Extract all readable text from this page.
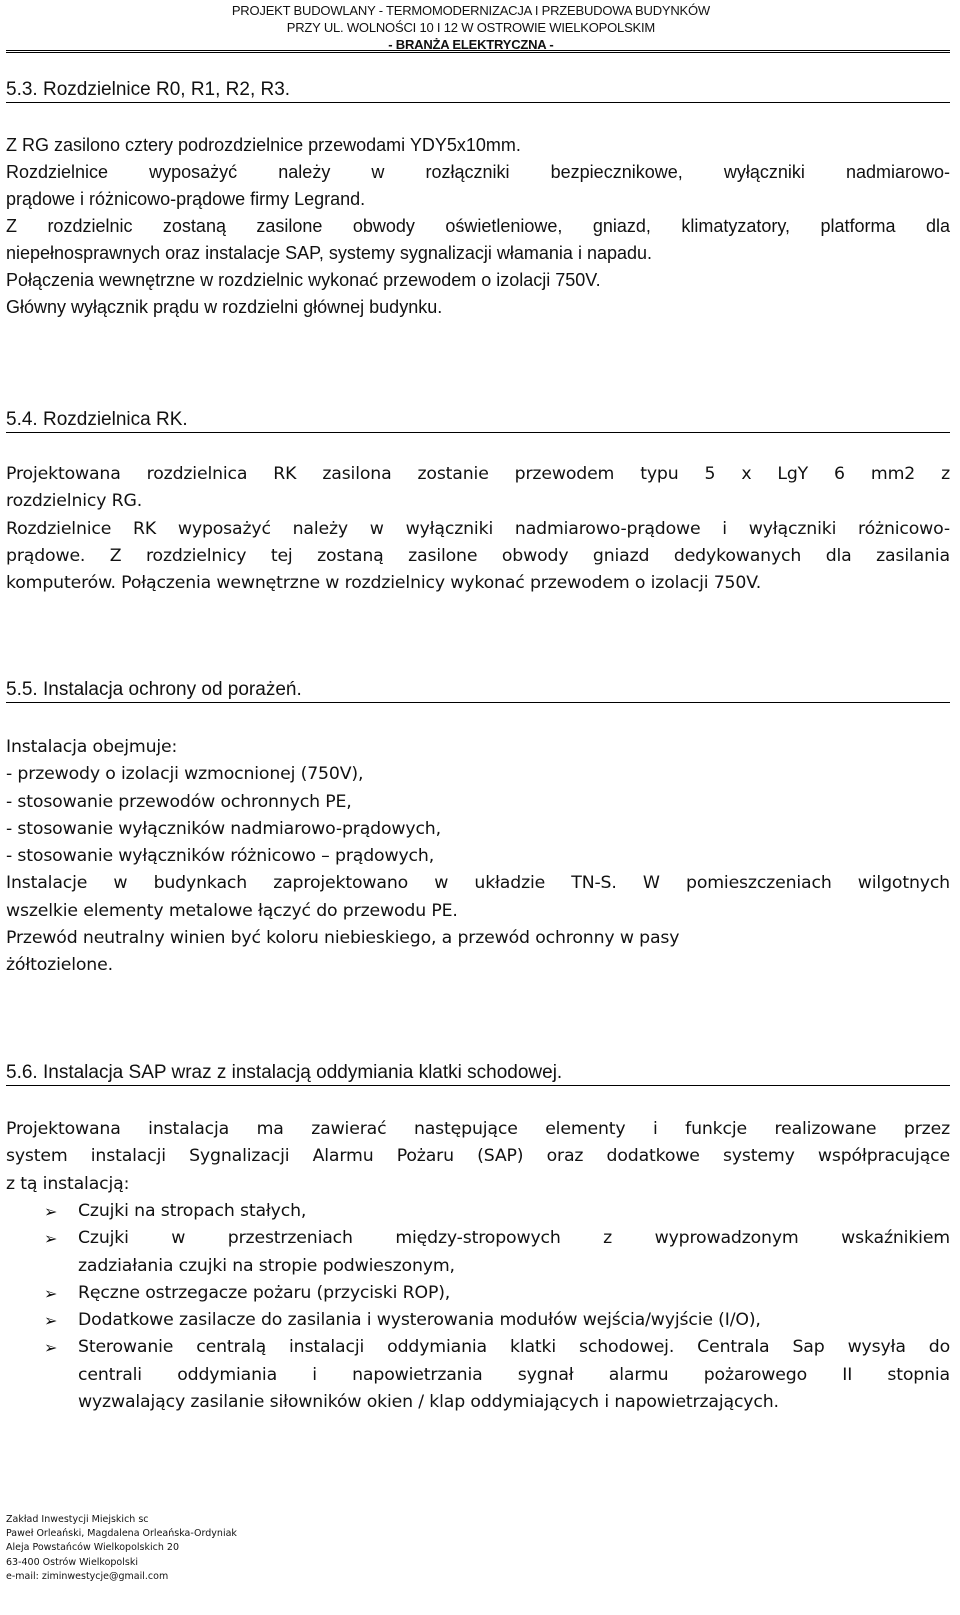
PROJEKT BUDOWLANY - TERMOMODERNIZACJA I PRZEBUDOWA BUDYNKÓW
PRZY UL. WOLNOŚCI 10 I 12 W OSTROWIE WIELKOPOLSKIM
- BRANŻA ELEKTRYCZNA -
5.3. Rozdzielnice R0, R1, R2, R3.
Z RG zasilono cztery podrozdzielnice przewodami YDY5x10mm.
Rozdzielnice wyposażyć należy w rozłączniki bezpiecznikowe, wyłączniki nadmiarowo-
prądowe i różnicowo-prądowe firmy Legrand.
Z rozdzielnic zostaną zasilone obwody oświetleniowe, gniazd, klimatyzatory, platforma dla
niepełnosprawnych oraz instalacje SAP, systemy sygnalizacji włamania i napadu.
Połączenia wewnętrzne w rozdzielnic wykonać przewodem o izolacji 750V.
Główny wyłącznik prądu w rozdzielni głównej budynku.
5.4. Rozdzielnica RK.
Projektowana rozdzielnica RK zasilona zostanie przewodem typu 5 x LgY 6 mm2 z
rozdzielnicy RG.
Rozdzielnice RK wyposażyć należy w wyłączniki nadmiarowo-prądowe i wyłączniki różnicowo-
prądowe. Z rozdzielnicy tej zostaną zasilone obwody gniazd dedykowanych dla zasilania
komputerów. Połączenia wewnętrzne w rozdzielnicy wykonać przewodem o izolacji 750V.
5.5. Instalacja ochrony od porażeń.
Instalacja obejmuje:
- przewody o izolacji wzmocnionej (750V),
- stosowanie przewodów ochronnych PE,
- stosowanie wyłączników nadmiarowo-prądowych,
- stosowanie wyłączników różnicowo – prądowych,
Instalacje w budynkach zaprojektowano w układzie TN-S. W pomieszczeniach wilgotnych
wszelkie elementy metalowe łączyć do przewodu PE.
Przewód neutralny winien być koloru niebieskiego, a przewód ochronny w pasy
żółtozielone.
5.6. Instalacja SAP wraz z instalacją oddymiania klatki schodowej.
Projektowana instalacja ma zawierać następujące elementy i funkcje realizowane przez
system instalacji Sygnalizacji Alarmu Pożaru (SAP) oraz dodatkowe systemy współpracujące
z tą instalacją:
➢ Czujki na stropach stałych,
➢ Czujki w przestrzeniach między-stropowych z wyprowadzonym wskaźnikiem
zadziałania czujki na stropie podwieszonym,
➢ Ręczne ostrzegacze pożaru (przyciski ROP),
➢ Dodatkowe zasilacze do zasilania i wysterowania modułów wejścia/wyjście (I/O),
➢ Sterowanie centralą instalacji oddymiania klatki schodowej. Centrala Sap wysyła do
centrali oddymiania i napowietrzania sygnał alarmu pożarowego II stopnia
wyzwalający zasilanie siłowników okien / klap oddymiających i napowietrzających.
Zakład Inwestycji Miejskich sc
Paweł Orleański, Magdalena Orleańska-Ordyniak
Aleja Powstańców Wielkopolskich 20
63-400 Ostrów Wielkopolski
e-mail: ziminwestycje@gmail.com
